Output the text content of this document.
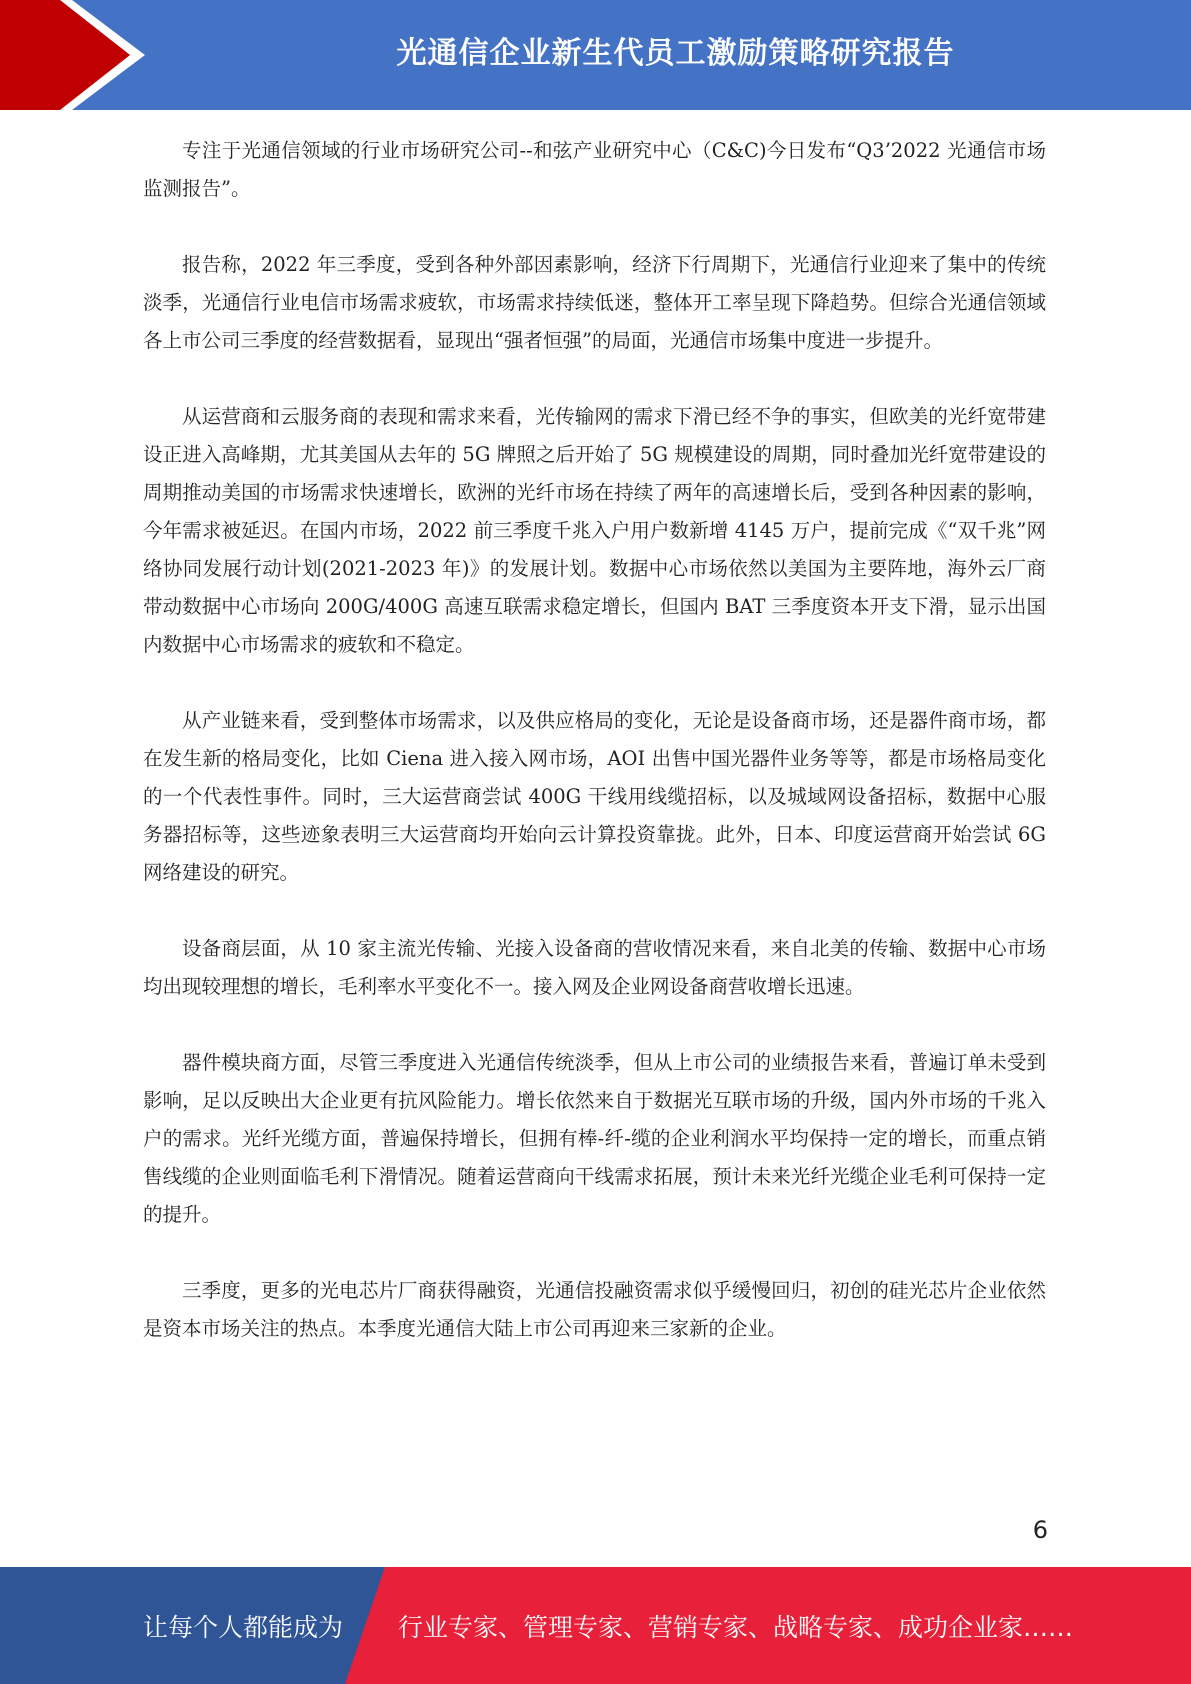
光通信企业新生代员工激励策略研究报告

专注于光通信领域的行业市场研究公司--和弦产业研究中心（C&C)今日发布“Q3’2022 光通信市场监测报告”。

报告称，2022 年三季度，受到各种外部因素影响，经济下行周期下，光通信行业迎来了集中的传统淡季，光通信行业电信市场需求疲软，市场需求持续低迷，整体开工率呈现下降趋势。但综合光通信领域各上市公司三季度的经营数据看，显现出“强者恒强”的局面，光通信市场集中度进一步提升。

从运营商和云服务商的表现和需求来看，光传输网的需求下滑已经不争的事实，但欧美的光纤宽带建设正进入高峰期，尤其美国从去年的 5G 牌照之后开始了 5G 规模建设的周期，同时叠加光纤宽带建设的周期推动美国的市场需求快速增长，欧洲的光纤市场在持续了两年的高速增长后，受到各种因素的影响，今年需求被延迟。在国内市场，2022 前三季度千兆入户用户数新增 4145 万户，提前完成《“双千兆”网络协同发展行动计划(2021-2023 年)》的发展计划。数据中心市场依然以美国为主要阵地，海外云厂商带动数据中心市场向 200G/400G 高速互联需求稳定增长，但国内 BAT 三季度资本开支下滑，显示出国内数据中心市场需求的疲软和不稳定。

从产业链来看，受到整体市场需求，以及供应格局的变化，无论是设备商市场，还是器件商市场，都在发生新的格局变化，比如 Ciena 进入接入网市场，AOI 出售中国光器件业务等等，都是市场格局变化的一个代表性事件。同时，三大运营商尝试 400G 干线用线缆招标，以及城域网设备招标，数据中心服务器招标等，这些迹象表明三大运营商均开始向云计算投资靠拢。此外，日本、印度运营商开始尝试 6G 网络建设的研究。

设备商层面，从 10 家主流光传输、光接入设备商的营收情况来看，来自北美的传输、数据中心市场均出现较理想的增长，毛利率水平变化不一。接入网及企业网设备商营收增长迅速。

器件模块商方面，尽管三季度进入光通信传统淡季，但从上市公司的业绩报告来看，普遍订单未受到影响，足以反映出大企业更有抗风险能力。增长依然来自于数据光互联市场的升级，国内外市场的千兆入户的需求。光纤光缆方面，普遍保持增长，但拥有棒-纤-缆的企业利润水平均保持一定的增长，而重点销售线缆的企业则面临毛利下滑情况。随着运营商向干线需求拓展，预计未来光纤光缆企业毛利可保持一定的提升。

三季度，更多的光电芯片厂商获得融资，光通信投融资需求似乎缓慢回归，初创的硅光芯片企业依然是资本市场关注的热点。本季度光通信大陆上市公司再迎来三家新的企业。

6
让每个人都能成为 行业专家、管理专家、营销专家、战略专家、成功企业家……
